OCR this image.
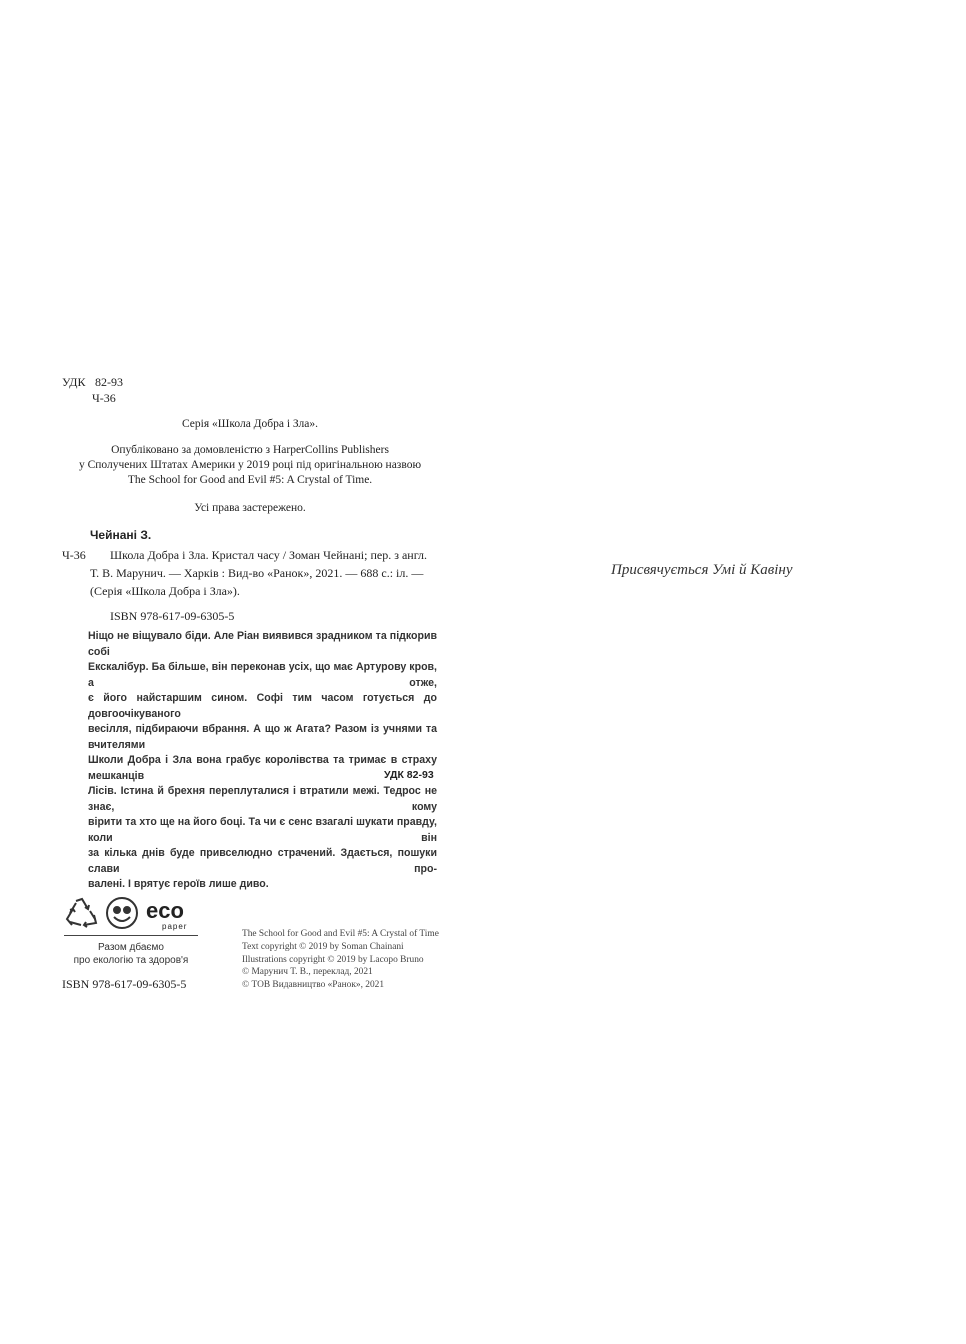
УДК 82-93
Ч-36
Серія «Школа Добра і Зла».
Опубліковано за домовленістю з HarperCollins Publishers
у Сполучених Штатах Америки у 2019 році під оригінальною назвою
The School for Good and Evil #5: A Crystal of Time.
Усі права застережено.
Чейнані З.
Ч-36 Школа Добра і Зла. Кристал часу / Зоман Чейнані; пер. з англ.
Т. В. Марунич. — Харків : Вид-во «Ранок», 2021. — 688 с.: іл. —
(Серія «Школа Добра і Зла»).
ISBN 978-617-09-6305-5
Ніщо не віщувало біди. Але Ріан виявився зрадником та підкорив собі
Екскалібур. Ба більше, він переконав усіх, що має Артурову кров, а отже,
є його найстаршим сином. Софі тим часом готується до довгоочікуваного
весілля, підбираючи вбрання. А що ж Агата? Разом із учнями та вчителями
Школи Добра і Зла вона грабує королівства та тримає в страху мешканців
Лісів. Істина й брехня переплуталися і втратили межі. Тедрос не знає, кому
вірити та хто ще на його боці. Та чи є сенс взагалі шукати правду, коли він
за кілька днів буде привселюдно страчений. Здається, пошуки слави про-
валені. І врятує героїв лише диво.
УДК 82-93
eco
paper
Разом дбаємо
про екологію та здоров'я
ISBN 978-617-09-6305-5
The School for Good and Evil #5: A Crystal of Time
Text copyright © 2019 by Soman Chainani
Illustrations copyright © 2019 by Lacopo Bruno
© Марунич Т. В., переклад, 2021
© ТОВ Видавництво «Ранок», 2021
Присвячується Умі й Кавіну
